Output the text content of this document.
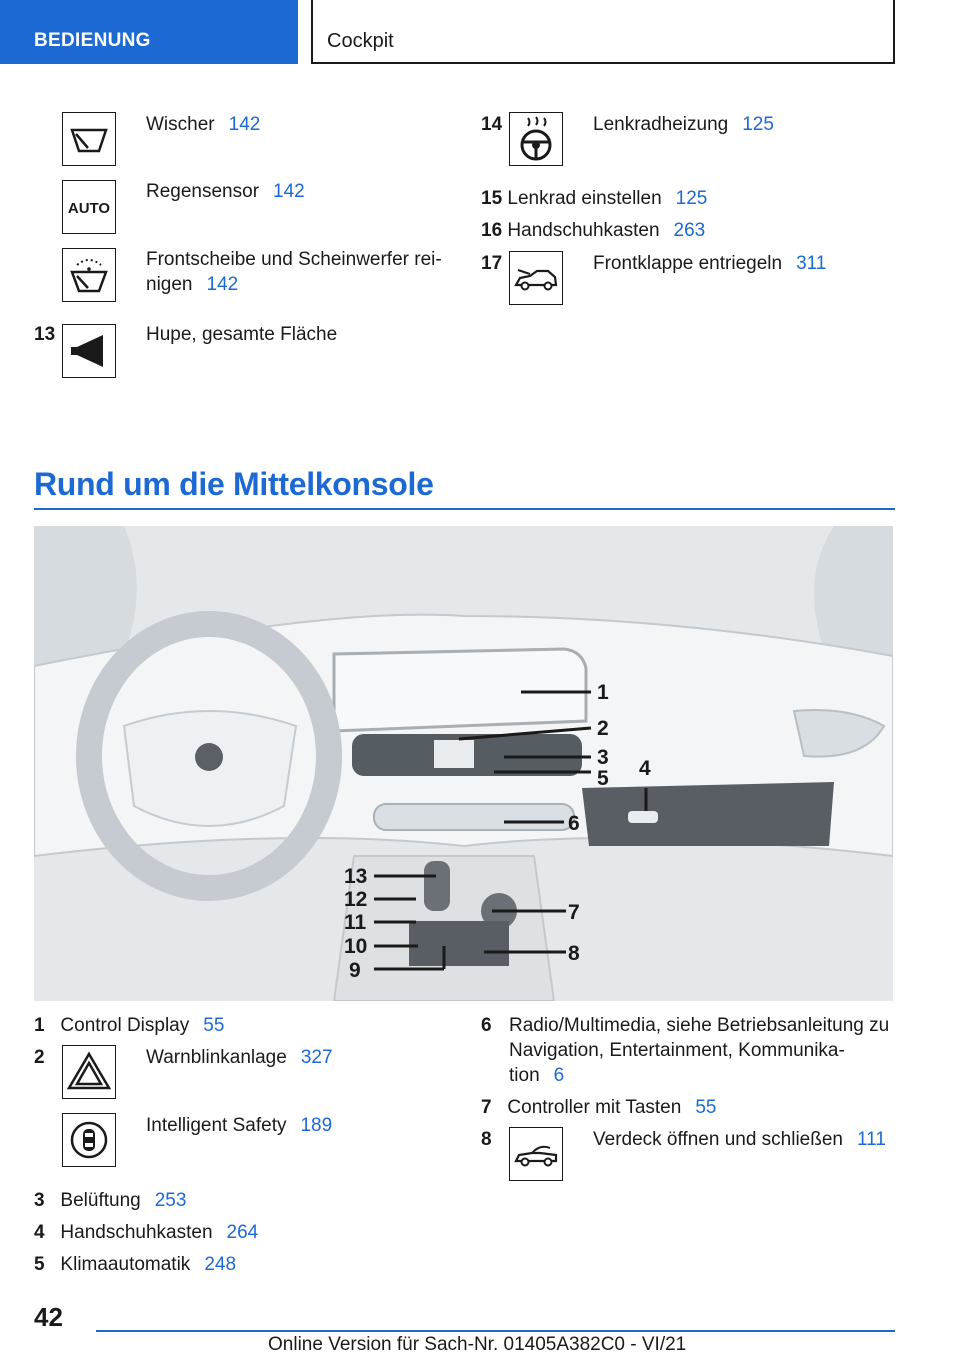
BEDIENUNG	Cockpit
Wischer 142
AUTO
Regensensor 142
Frontscheibe und Scheinwerfer rei-
nigen 142
13	Hupe, gesamte Fläche
14	Lenkradheizung 125
15 Lenkrad einstellen 125
16 Handschuhkasten 263
17	Frontklappe entriegeln 311
Rund um die Mittelkonsole
1
2
3 4
5
6
7
8
9
10
11
12
13
1 Control Display 55
2	Warnblinkanlage 327
Intelligent Safety 189
3 Belüftung 253
4 Handschuhkasten 264
5 Klimaautomatik 248
6 Radio/Multimedia, siehe Betriebsanleitung zu
Navigation, Entertainment, Kommunika-
tion 6
7 Controller mit Tasten 55
8	Verdeck öffnen und schließen 111
42
Online Version für Sach-Nr. 01405A382C0 - VI/21
